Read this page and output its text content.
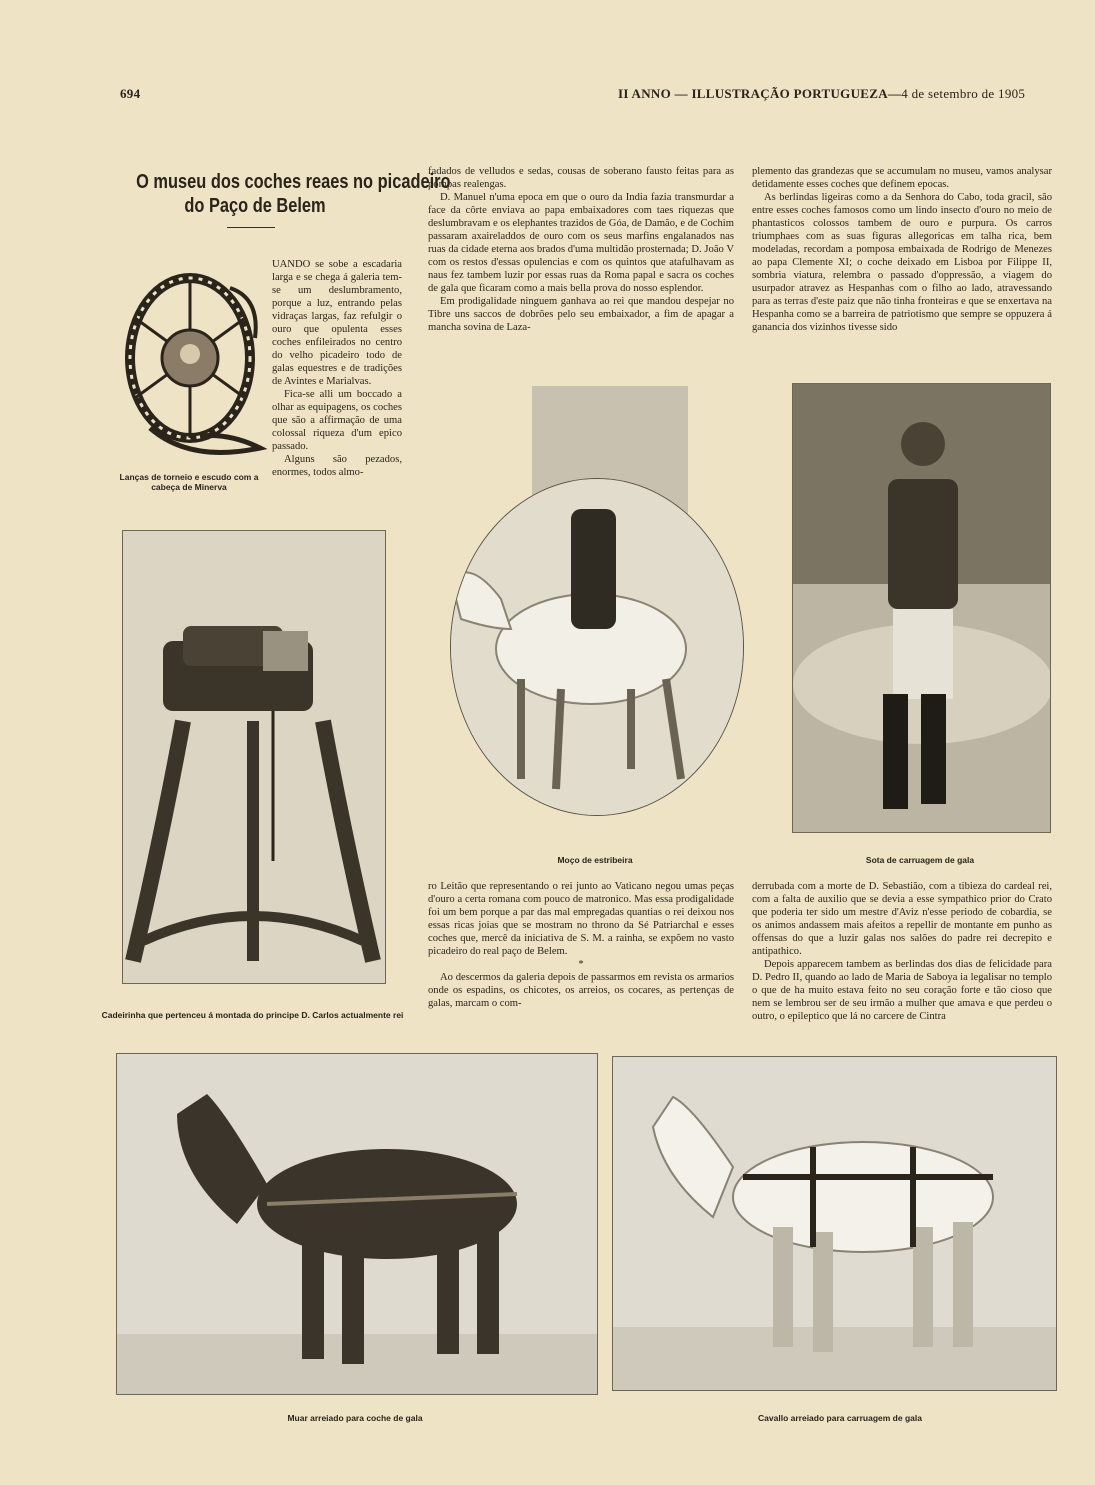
694	II ANNO — ILLUSTRAÇÃO PORTUGUEZA—4 de setembro de 1905
O museu dos coches reaes no picadeiro
do Paço de Belem
Lanças de torneio e escudo com a cabeça de Minerva

UANDO se sobe a escadaria larga e se chega á galeria tem-se um deslumbramento, porque a luz, entrando pelas vidraças largas, faz refulgir o ouro que opulenta esses coches enfileirados no centro do velho picadeiro todo de galas equestres e de tradições de Avintes e Marialvas.

Fica-se alli um boccado a olhar as equipagens, os coches que são a affirmação de uma colossal riqueza d'um epico passado.

Alguns são pezados, enormes, todos almo-

fadados de velludos e sedas, cousas de soberano fausto feitas para as pompas realengas.

D. Manuel n'uma epoca em que o ouro da India fazia transmurdar a face da côrte enviava ao papa embaixadores com taes riquezas que deslumbravam e os elephantes trazidos de Góa, de Damão, e de Cochim passaram axaireladdos de ouro com os seus marfins engalanados nas ruas da cidade eterna aos brados d'uma multidão prosternada; D. João V com os restos d'essas opulencias e com os quintos que atafulhavam as naus fez tambem luzir por essas ruas da Roma papal e sacra os coches de gala que ficaram como a mais bella prova do nosso esplendor.

Em prodigalidade ninguem ganhava ao rei que mandou despejar no Tibre uns saccos de dobrões pelo seu embaixador, a fim de apagar a mancha sovina de Laza-

plemento das grandezas que se accumulam no museu, vamos analysar detidamente esses coches que definem epocas.

As berlindas ligeiras como a da Senhora do Cabo, toda gracil, são entre esses coches famosos como um lindo insecto d'ouro no meio de phantasticos colossos tambem de ouro e purpura. Os carros triumphaes com as suas figuras allegoricas em talha rica, bem modeladas, recordam a pomposa embaixada de Rodrigo de Menezes ao papa Clemente XI; o coche deixado em Lisboa por Filippe II, sombria viatura, relembra o passado d'oppressão, a viagem do usurpador atravez as Hespanhas com o filho ao lado, atravessando para as terras d'este paiz que não tinha fronteiras e que se enxertava na Hespanha como se a barreira de patriotismo que sempre se oppuzera á ganancia dos vizinhos tivesse sido

Cadeirinha que pertenceu á montada do principe D. Carlos actualmente rei
Moço de estribeira	Sota de carruagem de gala

ro Leitão que representando o rei junto ao Vaticano negou umas peças d'ouro a certa romana com pouco de matronico. Mas essa prodigalidade foi um bem porque a par das mal empregadas quantias o rei deixou nos essas ricas joias que se mostram no throno da Sé Patriarchal e esses coches que, mercê da iniciativa de S. M. a rainha, se expõem no vasto picadeiro do real paço de Belem.

*

Ao descermos da galeria depois de passarmos em revista os armarios onde os espadins, os chicotes, os arreios, os cocares, as pertenças de galas, marcam o com-

derrubada com a morte de D. Sebastião, com a tibieza do cardeal rei, com a falta de auxilio que se devia a esse sympathico prior do Crato que poderia ter sido um mestre d'Aviz n'esse periodo de cobardia, se os animos andassem mais afeitos a repellir de montante em punho as offensas do que a luzir galas nos salões do padre rei decrepito e antipathico.

Depois apparecem tambem as berlindas dos dias de felicidade para D. Pedro II, quando ao lado de Maria de Saboya ia legalisar no templo o que de ha muito estava feito no seu coração forte e tão cioso que nem se lembrou ser de seu irmão a mulher que amava e que perdeu o outro, o epileptico que lá no carcere de Cintra

Muar arreiado para coche de gala	Cavallo arreiado para carruagem de gala
